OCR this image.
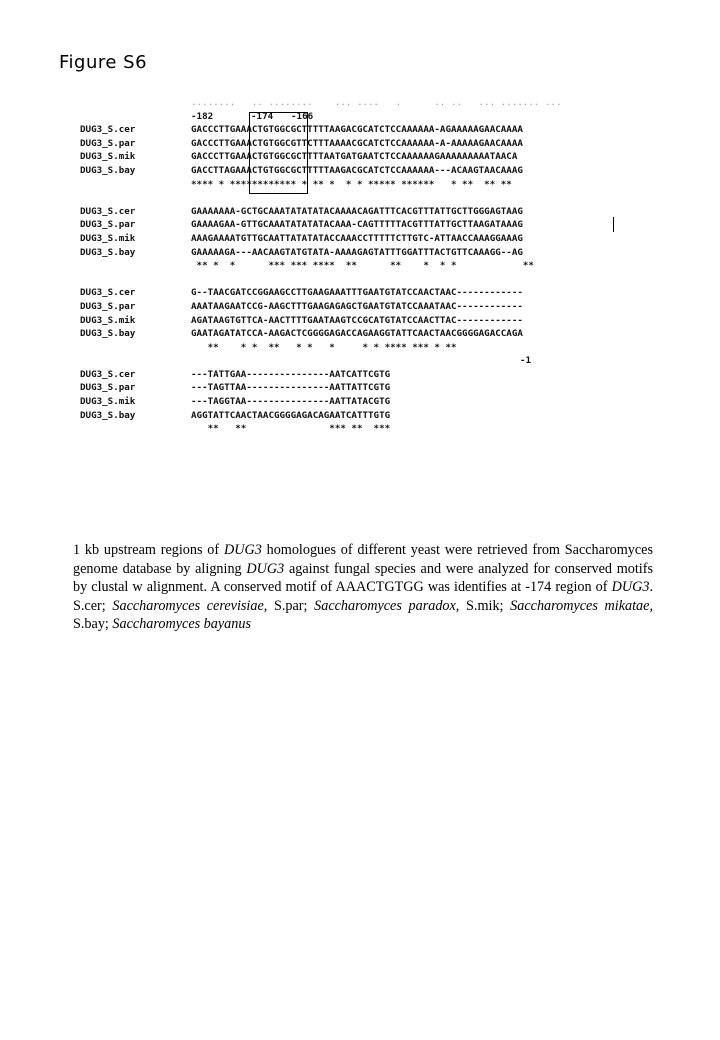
Figure S6

........   .. ........    ... ....   .      .. ..   ... ....... ...

-182

	-174

-166

DUG3_S.cer	GACCCTTGAAACTGTGGCGCTTTTTAAGACGCATCTCCAAAAAA-AGAAAAAGAACAAAA
DUG3_S.par	GACCCTTGAAACTGTGGCGTTCTTTAAAACGCATCTCCAAAAAA-A-AAAAAGAACAAAA
DUG3_S.mik	GACCCTTGAAACTGTGGCGCTTTTAATGATGAATCTCCAAAAAAGAAAAAAAAATAACA
DUG3_S.bay	GACCTTAGAAACTGTGGCGCTTTTTAAGACGCATCTCCAAAAAA---ACAAGTAACAAAG
**** * ************ * ** *  * * ***** ******   * **  ** **
DUG3_S.cer	GAAAAAAA-GCTGCAAATATATATACAAAACAGATTTCACGTTTATTGCTTGGGAGTAAG
DUG3_S.par	GAAAAGAA-GTTGCAAATATATATACAAA-CAGTTTTTACGTTTATTGCTTAAGATAAAG
DUG3_S.mik	AAAGAAAATGTTGCAATTATATATACCAAACCTTTTTCTTGTC-ATTAACCAAAGGAAAG
DUG3_S.bay	GAAAAAGA---AACAAGTATGTATA-AAAAGAGTATTTGGATTTACTGTTCAAAGG--AG
** *  *      *** *** ****  **      **    *  * *            **
DUG3_S.cer	G--TAACGATCCGGAAGCCTTGAAGAAATTTGAATGTATCCAACTAAC------------
DUG3_S.par	AAATAAGAATCCG-AAGCTTTGAAGAGAGCTGAATGTATCCAAATAAC------------
DUG3_S.mik	AGATAAGTGTTCA-AACTTTTGAATAAGTCCGCATGTATCCAACTTAC------------
DUG3_S.bay	GAATAGATATCCA-AAGACTCGGGGAGACCAGAAGGTATTCAACTAACGGGGAGACCAGA
**    * *  **   * *   *     * * **** *** * **

-1

DUG3_S.cer	---TATTGAA---------------AATCATTCGTG
DUG3_S.par	---TAGTTAA---------------AATTATTCGTG
DUG3_S.mik	---TAGGTAA---------------AATTATACGTG
DUG3_S.bay	AGGTATTCAACTAACGGGGAGACAGAATCATTTGTG
**   **               *** **  ***

1 kb upstream regions of DUG3 homologues of different yeast were retrieved from Saccharomyces genome database by aligning DUG3 against fungal species and were analyzed for conserved motifs by clustal w alignment. A conserved motif of AAACTGTGG was identifies at -174 region of DUG3. S.cer; Saccharomyces cerevisiae, S.par; Saccharomyces paradox, S.mik; Saccharomyces mikatae, S.bay; Saccharomyces bayanus
